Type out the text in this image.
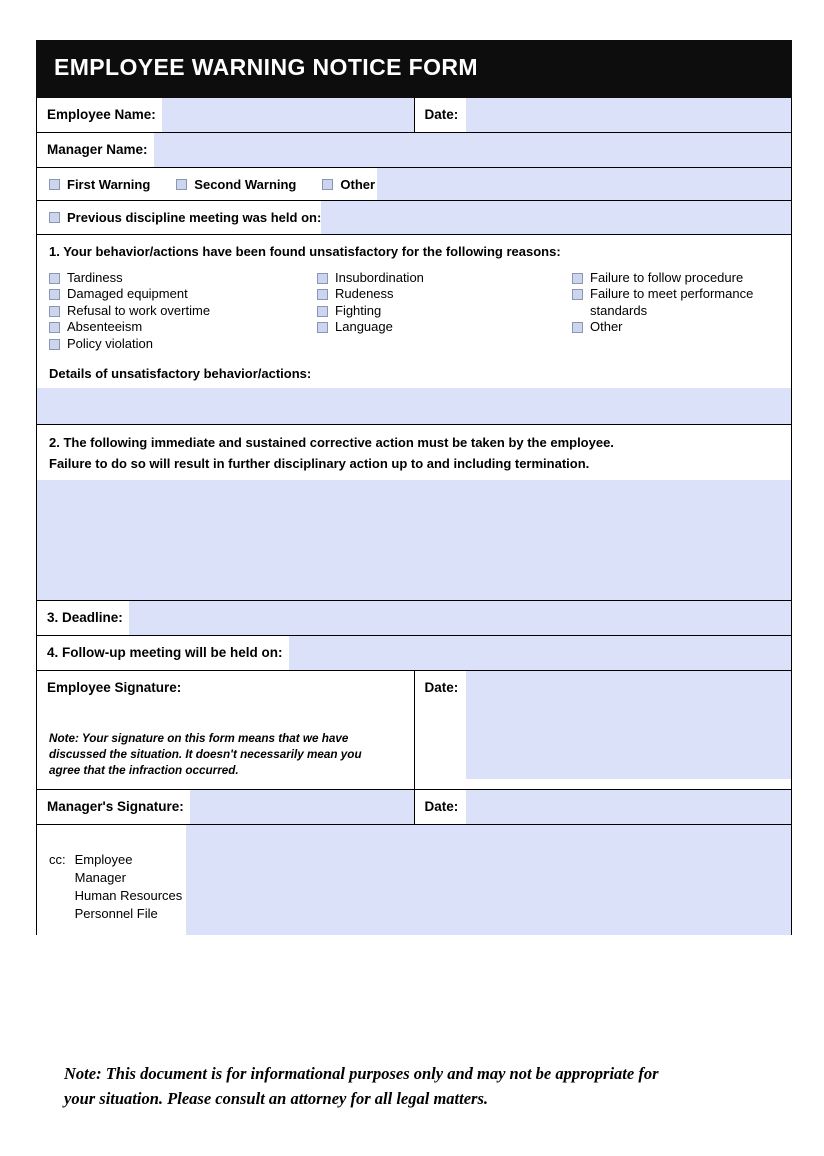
EMPLOYEE WARNING NOTICE FORM	

Employee Name:	Date:

Manager Name:	

First Warning Second Warning Other	

Previous discipline meeting was held on:	

1. Your behavior/actions have been found unsatisfactory for the following reasons:
Tardiness
Damaged equipment
Refusal to work overtime
Absenteeism
Policy violation
Insubordination
Rudeness
Fighting
Language
Failure to follow procedure
Failure to meet performance standards
Other
Details of unsatisfactory behavior/actions:

2. The following immediate and sustained corrective action must be taken by the employee.
Failure to do so will result in further disciplinary action up to and including termination.	

3. Deadline:	

4. Follow-up meeting will be held on:	

Employee Signature:
Note: Your signature on this form means that we have discussed the situation. It doesn't necessarily mean you agree that the infraction occurred.	Date:

Manager's Signature:	Date:

cc: Employee
Manager
Human Resources
Personnel File	
Note: This document is for informational purposes only and may not be appropriate for
your situation. Please consult an attorney for all legal matters.
